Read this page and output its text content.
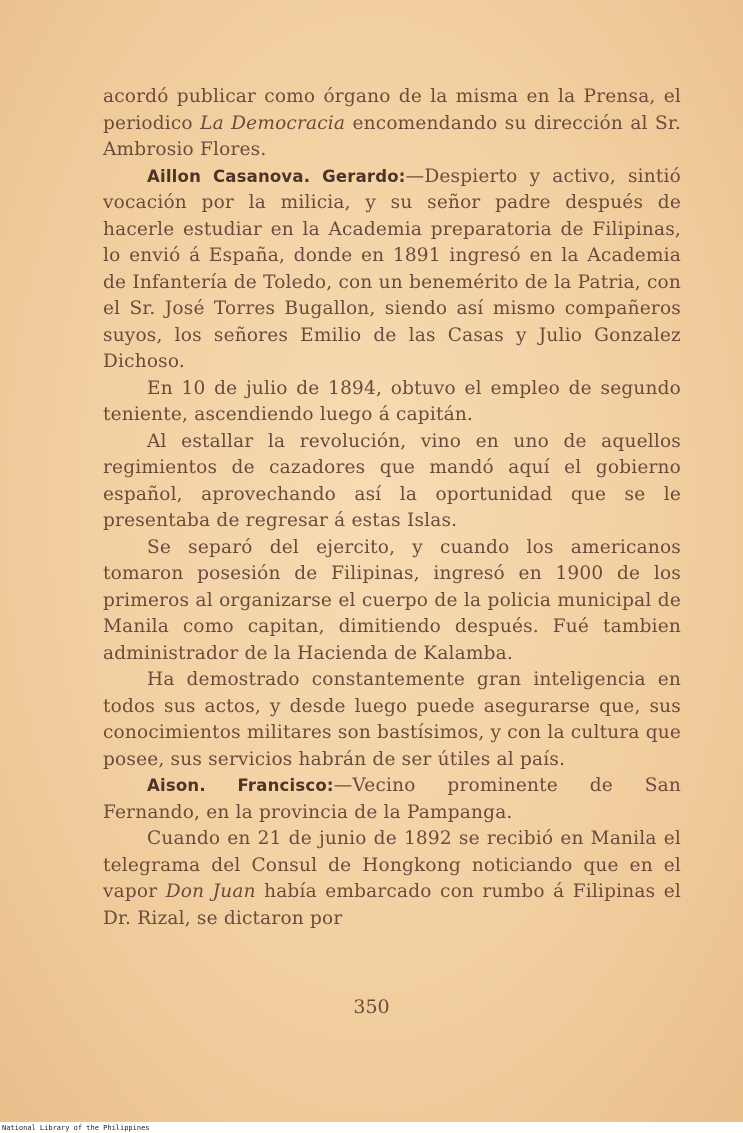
acordó publicar como órgano de la misma en la Prensa, el periodico La Democracia encomendando su dirección al Sr. Ambrosio Flores.

Aillon Casanova. Gerardo:—Despierto y activo, sintió vocación por la milicia, y su señor padre después de hacerle estudiar en la Academia preparatoria de Filipinas, lo envió á España, donde en 1891 ingresó en la Academia de Infantería de Toledo, con un benemérito de la Patria, con el Sr. José Torres Bugallon, siendo así mismo compañeros suyos, los señores Emilio de las Casas y Julio Gonzalez Dichoso.

En 10 de julio de 1894, obtuvo el empleo de segundo teniente, ascendiendo luego á capitán.

Al estallar la revolución, vino en uno de aquellos regimientos de cazadores que mandó aquí el gobierno español, aprovechando así la oportunidad que se le presentaba de regresar á estas Islas.

Se separó del ejercito, y cuando los americanos tomaron posesión de Filipinas, ingresó en 1900 de los primeros al organizarse el cuerpo de la policia municipal de Manila como capitan, dimitiendo después. Fué tambien administrador de la Hacienda de Kalamba.

Ha demostrado constantemente gran inteligencia en todos sus actos, y desde luego puede asegurarse que, sus conocimientos militares son bastísimos, y con la cultura que posee, sus servicios habrán de ser útiles al país.

Aison. Francisco:—Vecino prominente de San Fernando, en la provincia de la Pampanga.

Cuando en 21 de junio de 1892 se recibió en Manila el telegrama del Consul de Hongkong noticiando que en el vapor Don Juan había embarcado con rumbo á Filipinas el Dr. Rizal, se dictaron por

350
National Library of the Philippines
